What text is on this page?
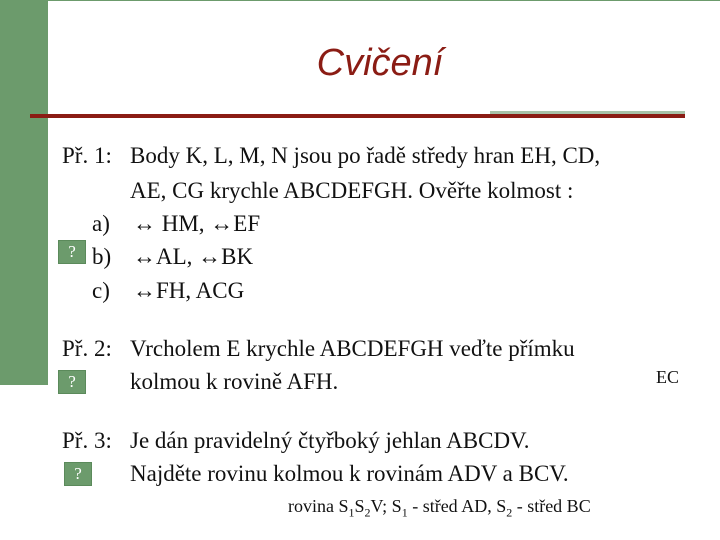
Cvičení
Př. 1: Body K, L, M, N jsou po řadě středy hran EH, CD,
AE, CG krychle ABCDEFGH. Ověřte kolmost :
a) ↔ HM, ↔EF
? b) ↔AL, ↔BK
c) ↔FH, ACG
Př. 2: Vrcholem E krychle ABCDEFGH veďte přímku
?	kolmou k rovině AFH.	EC
Př. 3: Je dán pravidelný čtyřboký jehlan ABCDV.
?	Najděte rovinu kolmou k rovinám ADV a BCV.
rovina $S_1S_2V$; $S_1$ - střed AD, $S_2$ - střed BC
